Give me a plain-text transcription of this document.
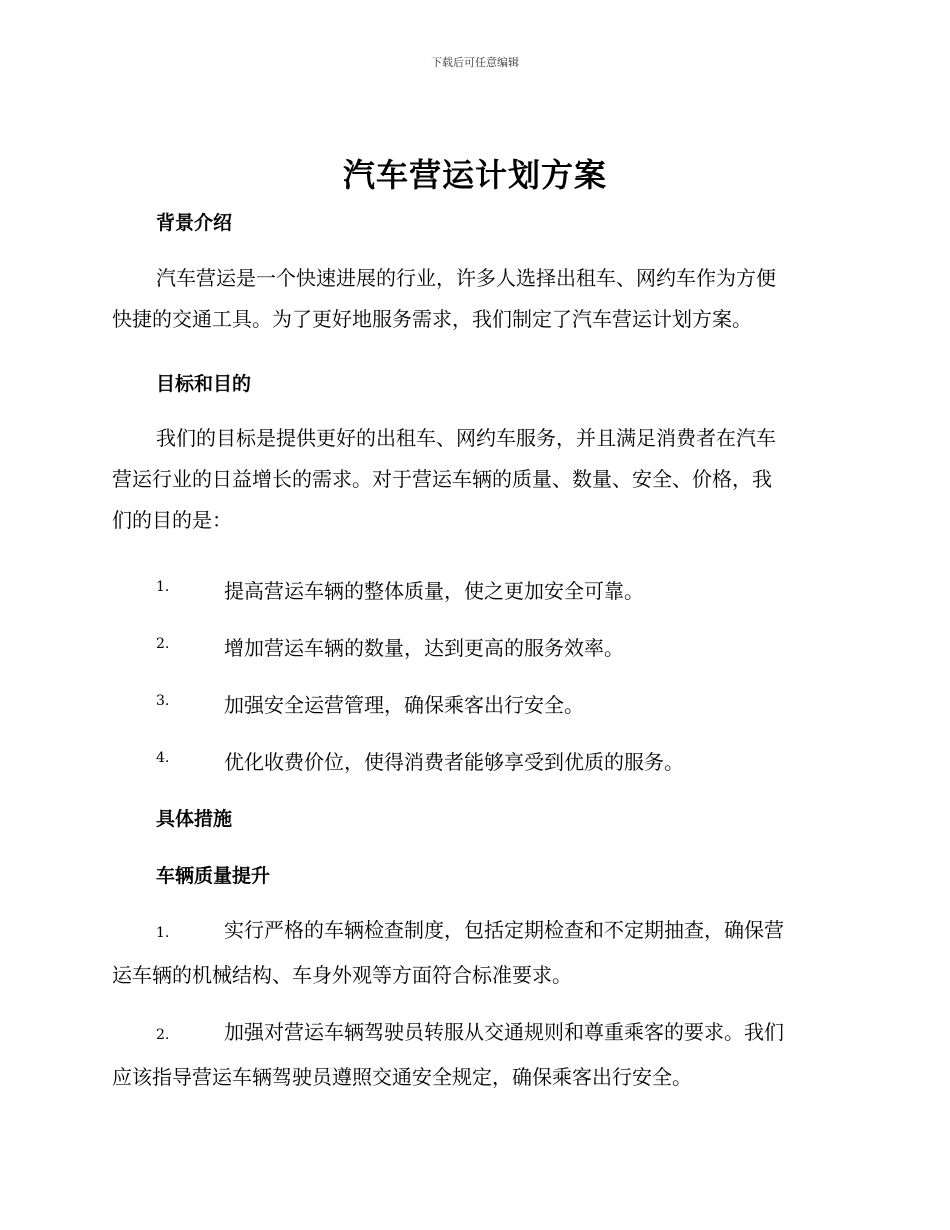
下载后可任意编辑
汽车营运计划方案
背景介绍
汽车营运是一个快速进展的行业，许多人选择出租车、网约车作为方便
快捷的交通工具。为了更好地服务需求，我们制定了汽车营运计划方案。
目标和目的
我们的目标是提供更好的出租车、网约车服务，并且满足消费者在汽车
营运行业的日益增长的需求。对于营运车辆的质量、数量、安全、价格，我
们的目的是：
1.	提高营运车辆的整体质量，使之更加安全可靠。
2.	增加营运车辆的数量，达到更高的服务效率。
3.	加强安全运营管理，确保乘客出行安全。
4.	优化收费价位，使得消费者能够享受到优质的服务。
具体措施
车辆质量提升
1.	实行严格的车辆检查制度，包括定期检查和不定期抽查，确保营
运车辆的机械结构、车身外观等方面符合标准要求。
2.	加强对营运车辆驾驶员转服从交通规则和尊重乘客的要求。我们
应该指导营运车辆驾驶员遵照交通安全规定，确保乘客出行安全。
